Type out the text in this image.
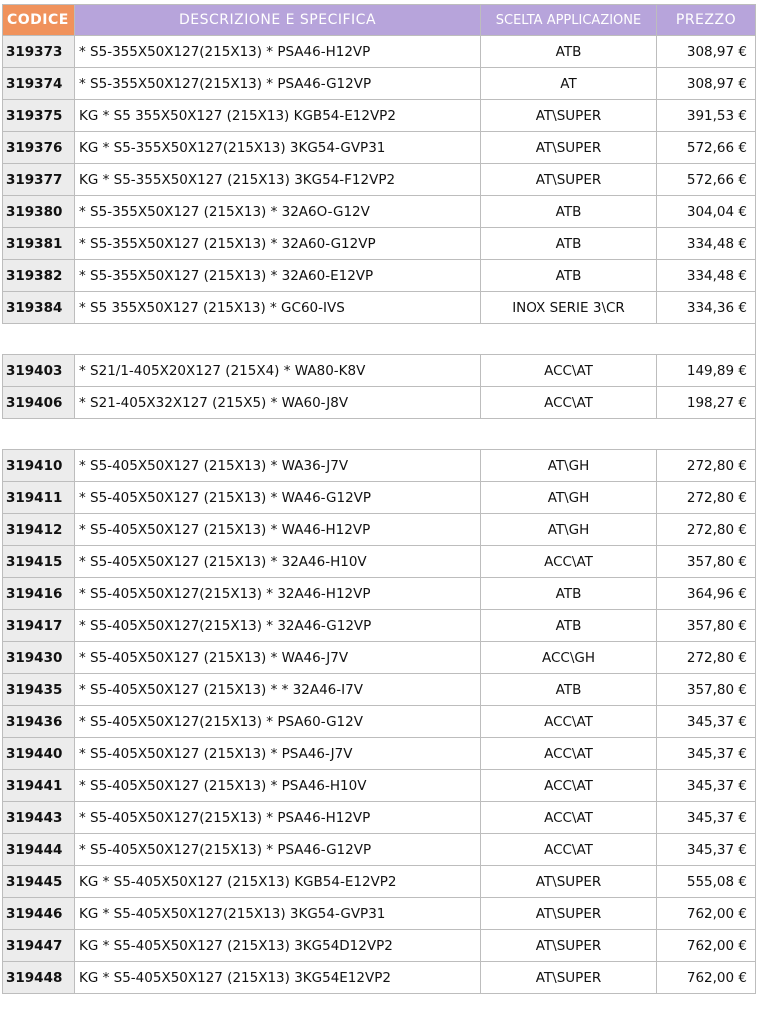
CODICE	DESCRIZIONE E SPECIFICA	SCELTA APPLICAZIONE	PREZZO
319373	* S5-355X50X127(215X13) * PSA46-H12VP	ATB	308,97 €
319374	* S5-355X50X127(215X13) * PSA46-G12VP	AT	308,97 €
319375	KG * S5 355X50X127 (215X13) KGB54-E12VP2	AT\SUPER	391,53 €
319376	KG * S5-355X50X127(215X13) 3KG54-GVP31	AT\SUPER	572,66 €
319377	KG * S5-355X50X127 (215X13) 3KG54-F12VP2	AT\SUPER	572,66 €
319380	* S5-355X50X127 (215X13) * 32A6O-G12V	ATB	304,04 €
319381	* S5-355X50X127 (215X13) * 32A60-G12VP	ATB	334,48 €
319382	* S5-355X50X127 (215X13) * 32A60-E12VP	ATB	334,48 €
319384	* S5 355X50X127 (215X13) * GC60-IVS	INOX SERIE 3\CR	334,36 €

319403	* S21/1-405X20X127 (215X4) * WA80-K8V	ACC\AT	149,89 €
319406	* S21-405X32X127 (215X5) * WA60-J8V	ACC\AT	198,27 €

319410	* S5-405X50X127 (215X13) * WA36-J7V	AT\GH	272,80 €
319411	* S5-405X50X127 (215X13) * WA46-G12VP	AT\GH	272,80 €
319412	* S5-405X50X127 (215X13) * WA46-H12VP	AT\GH	272,80 €
319415	* S5-405X50X127 (215X13) * 32A46-H10V	ACC\AT	357,80 €
319416	* S5-405X50X127(215X13) * 32A46-H12VP	ATB	364,96 €
319417	* S5-405X50X127(215X13) * 32A46-G12VP	ATB	357,80 €
319430	* S5-405X50X127 (215X13) * WA46-J7V	ACC\GH	272,80 €
319435	* S5-405X50X127 (215X13) * * 32A46-I7V	ATB	357,80 €
319436	* S5-405X50X127(215X13) * PSA60-G12V	ACC\AT	345,37 €
319440	* S5-405X50X127 (215X13) * PSA46-J7V	ACC\AT	345,37 €
319441	* S5-405X50X127 (215X13) * PSA46-H10V	ACC\AT	345,37 €
319443	* S5-405X50X127(215X13) * PSA46-H12VP	ACC\AT	345,37 €
319444	* S5-405X50X127(215X13) * PSA46-G12VP	ACC\AT	345,37 €
319445	KG * S5-405X50X127 (215X13) KGB54-E12VP2	AT\SUPER	555,08 €
319446	KG * S5-405X50X127(215X13) 3KG54-GVP31	AT\SUPER	762,00 €
319447	KG * S5-405X50X127 (215X13) 3KG54D12VP2	AT\SUPER	762,00 €
319448	KG * S5-405X50X127 (215X13) 3KG54E12VP2	AT\SUPER	762,00 €
